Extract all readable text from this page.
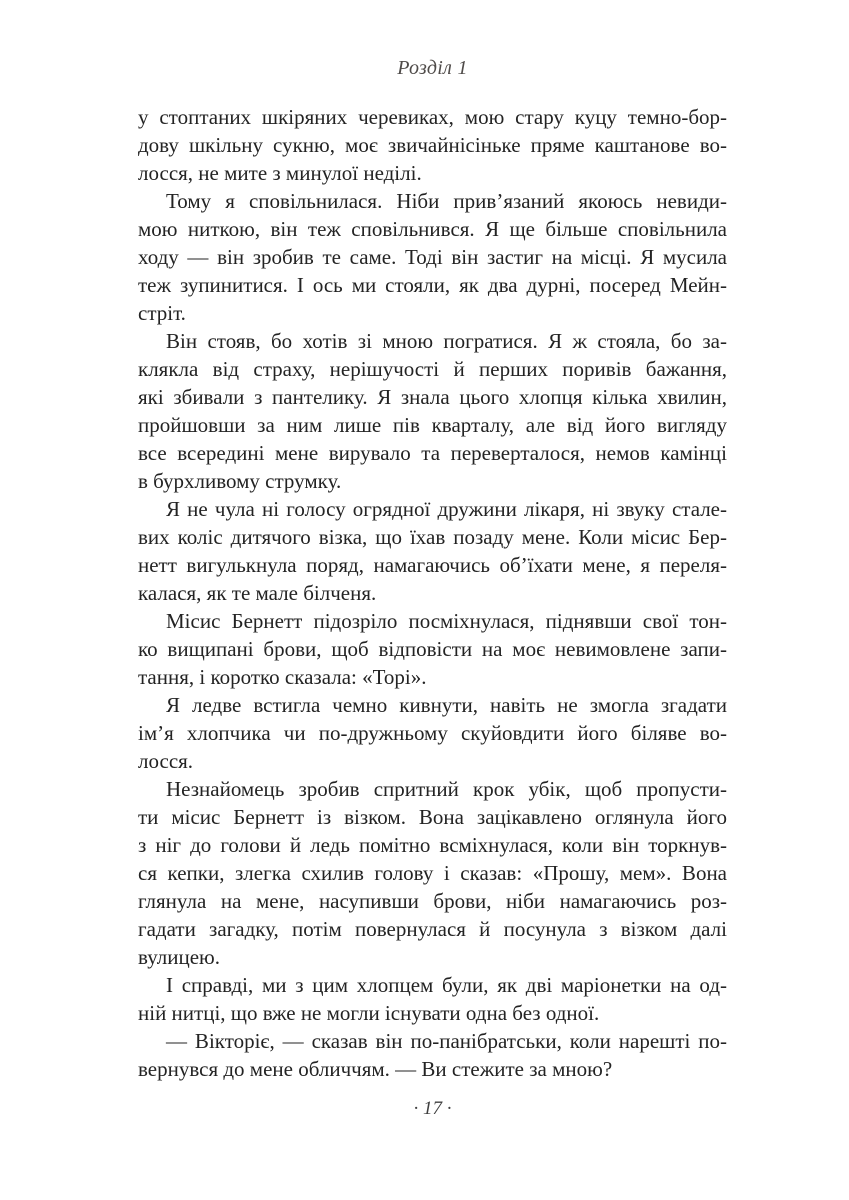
Розділ 1

у стоптаних шкіряних черевиках, мою стару куцу темно-бор-
дову шкільну сукню, моє звичайнісіньке пряме каштанове во-
лосся, не мите з минулої неділі.

Тому я сповільнилася. Ніби прив’язаний якоюсь невиди-
мою ниткою, він теж сповільнився. Я ще більше сповільнила
ходу — він зробив те саме. Тоді він застиг на місці. Я мусила
теж зупинитися. І ось ми стояли, як два дурні, посеред Мейн-
стріт.

Він стояв, бо хотів зі мною погратися. Я ж стояла, бо за-
клякла від страху, нерішучості й перших поривів бажання,
які збивали з пантелику. Я знала цього хлопця кілька хвилин,
пройшовши за ним лише пів кварталу, але від його вигляду
все всередині мене вирувало та переверталося, немов камінці
в бурхливому струмку.

Я не чула ні голосу огрядної дружини лікаря, ні звуку стале-
вих коліс дитячого візка, що їхав позаду мене. Коли місис Бер-
нетт вигулькнула поряд, намагаючись об’їхати мене, я переля-
калася, як те мале білченя.

Місис Бернетт підозріло посміхнулася, піднявши свої тон-
ко вищипані брови, щоб відповісти на моє невимовлене запи-
тання, і коротко сказала: «Торі».

Я ледве встигла чемно кивнути, навіть не змогла згадати
ім’я хлопчика чи по-дружньому скуйовдити його біляве во-
лосся.

Незнайомець зробив спритний крок убік, щоб пропусти-
ти місис Бернетт із візком. Вона зацікавлено оглянула його
з ніг до голови й ледь помітно всміхнулася, коли він торкнув-
ся кепки, злегка схилив голову і сказав: «Прошу, мем». Вона
глянула на мене, насупивши брови, ніби намагаючись роз-
гадати загадку, потім повернулася й посунула з візком далі
вулицею.

І справді, ми з цим хлопцем були, як дві маріонетки на од-
ній нитці, що вже не могли існувати одна без одної.

— Вікторіє, — сказав він по-панібратськи, коли нарешті по-
вернувся до мене обличчям. — Ви стежите за мною?

· 17 ·
